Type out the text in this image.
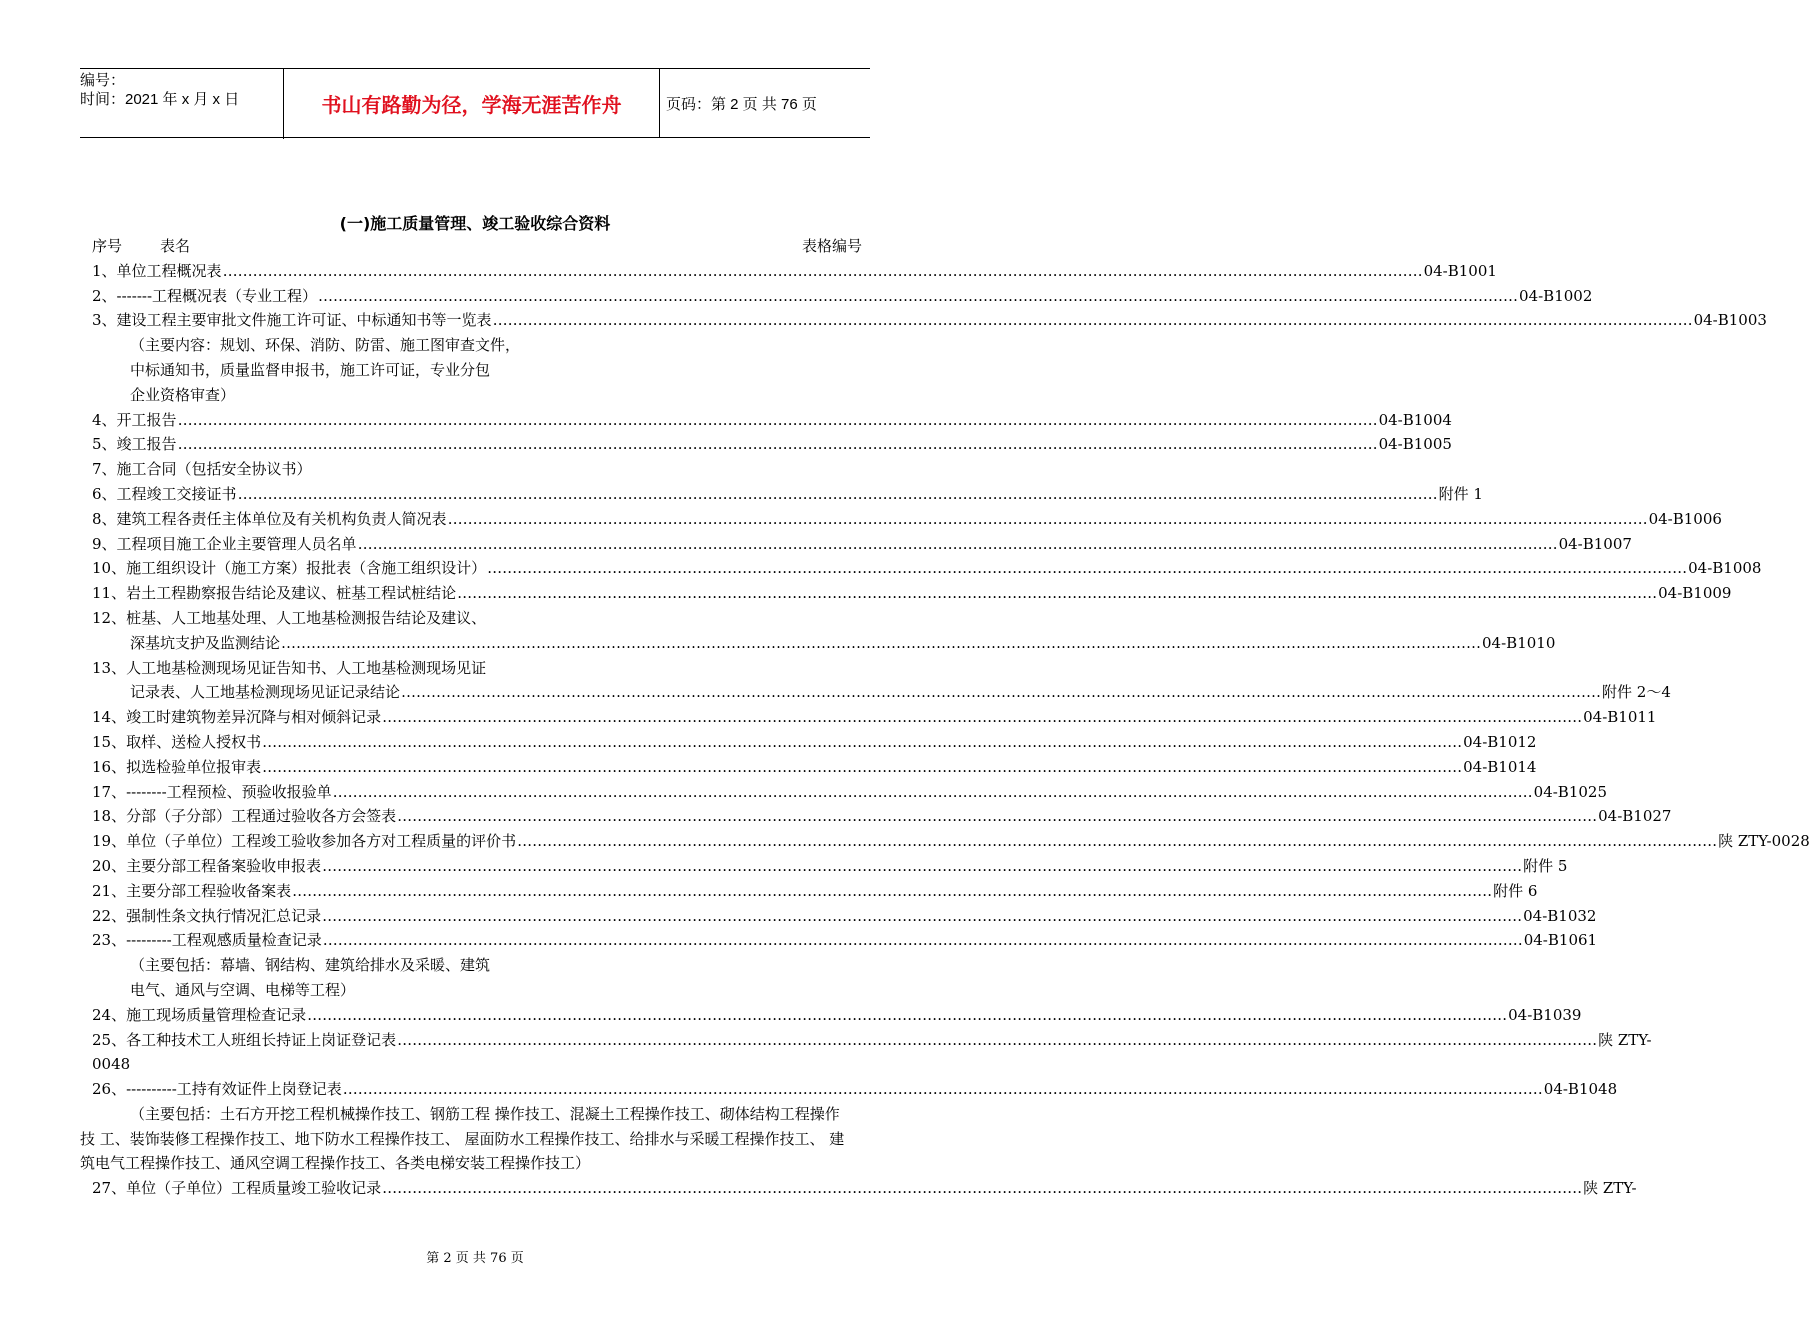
编号：
时间：2021 年 x 月 x 日	书山有路勤为径，学海无涯苦作舟	页码：第 2 页 共 76 页
(一)施工质量管理、竣工验收综合资料
序号	表名	表格编号
1、 单位工程概况表 …………………………………………………………………………………………………………………………………………………………………………………………………………………… 04-B1001
2、 -------工程概况表（专业工程） …………………………………………………………………………………………………………………………………………………………………………………………………………………… 04-B1002
3、 建设工程主要审批文件施工许可证、中标通知书等一览表 …………………………………………………………………………………………………………………………………………………………………………………………………………………… 04-B1003
（主要内容：规划、环保、消防、防雷、施工图审查文件，
中标通知书，质量监督申报书，施工许可证，专业分包
企业资格审查）
4、 开工报告 …………………………………………………………………………………………………………………………………………………………………………………………………………………… 04-B1004
5、 竣工报告 …………………………………………………………………………………………………………………………………………………………………………………………………………………… 04-B1005
7、 施工合同（包括安全协议书）
6、 工程竣工交接证书 …………………………………………………………………………………………………………………………………………………………………………………………………………………… 附件 1
8、 建筑工程各责任主体单位及有关机构负责人简况表 …………………………………………………………………………………………………………………………………………………………………………………………………………………… 04-B1006
9、 工程项目施工企业主要管理人员名单 …………………………………………………………………………………………………………………………………………………………………………………………………………………… 04-B1007
10、 施工组织设计（施工方案）报批表（含施工组织设计） …………………………………………………………………………………………………………………………………………………………………………………………………………………… 04-B1008
11、 岩土工程勘察报告结论及建议、桩基工程试桩结论 …………………………………………………………………………………………………………………………………………………………………………………………………………………… 04-B1009
12、 桩基、人工地基处理、人工地基检测报告结论及建议、
深基坑支护及监测结论 …………………………………………………………………………………………………………………………………………………………………………………………………………………… 04-B1010
13、 人工地基检测现场见证告知书、人工地基检测现场见证
记录表、人工地基检测现场见证记录结论 …………………………………………………………………………………………………………………………………………………………………………………………………………………… 附件 2～4
14、 竣工时建筑物差异沉降与相对倾斜记录 …………………………………………………………………………………………………………………………………………………………………………………………………………………… 04-B1011
15、 取样、送检人授权书 …………………………………………………………………………………………………………………………………………………………………………………………………………………… 04-B1012
16、 拟选检验单位报审表 …………………………………………………………………………………………………………………………………………………………………………………………………………………… 04-B1014
17、 --------工程预检、预验收报验单 …………………………………………………………………………………………………………………………………………………………………………………………………………………… 04-B1025
18、 分部（子分部）工程通过验收各方会签表 …………………………………………………………………………………………………………………………………………………………………………………………………………………… 04-B1027
19、 单位（子单位）工程竣工验收参加各方对工程质量的评价书 …………………………………………………………………………………………………………………………………………………………………………………………………………………… 陕 ZTY-0028
20、 主要分部工程备案验收申报表 …………………………………………………………………………………………………………………………………………………………………………………………………………………… 附件 5
21、 主要分部工程验收备案表 …………………………………………………………………………………………………………………………………………………………………………………………………………………… 附件 6
22、 强制性条文执行情况汇总记录 …………………………………………………………………………………………………………………………………………………………………………………………………………………… 04-B1032
23、 ---------工程观感质量检查记录 …………………………………………………………………………………………………………………………………………………………………………………………………………………… 04-B1061
（主要包括：幕墙、钢结构、建筑给排水及采暖、建筑
电气、通风与空调、电梯等工程）
24、 施工现场质量管理检查记录 …………………………………………………………………………………………………………………………………………………………………………………………………………………… 04-B1039
25、 各工种技术工人班组长持证上岗证登记表 …………………………………………………………………………………………………………………………………………………………………………………………………………………… 陕 ZTY-
0048
26、 ----------工持有效证件上岗登记表 …………………………………………………………………………………………………………………………………………………………………………………………………………………… 04-B1048
（主要包括：土石方开挖工程机械操作技工、钢筋工程 操作技工、混凝土工程操作技工、砌体结构工程操作技 工、装饰装修工程操作技工、地下防水工程操作技工、 屋面防水工程操作技工、给排水与采暖工程操作技工、 建筑电气工程操作技工、通风空调工程操作技工、各类电梯安装工程操作技工）
27、 单位（子单位）工程质量竣工验收记录 …………………………………………………………………………………………………………………………………………………………………………………………………………………… 陕 ZTY-
第 2 页 共 76 页
